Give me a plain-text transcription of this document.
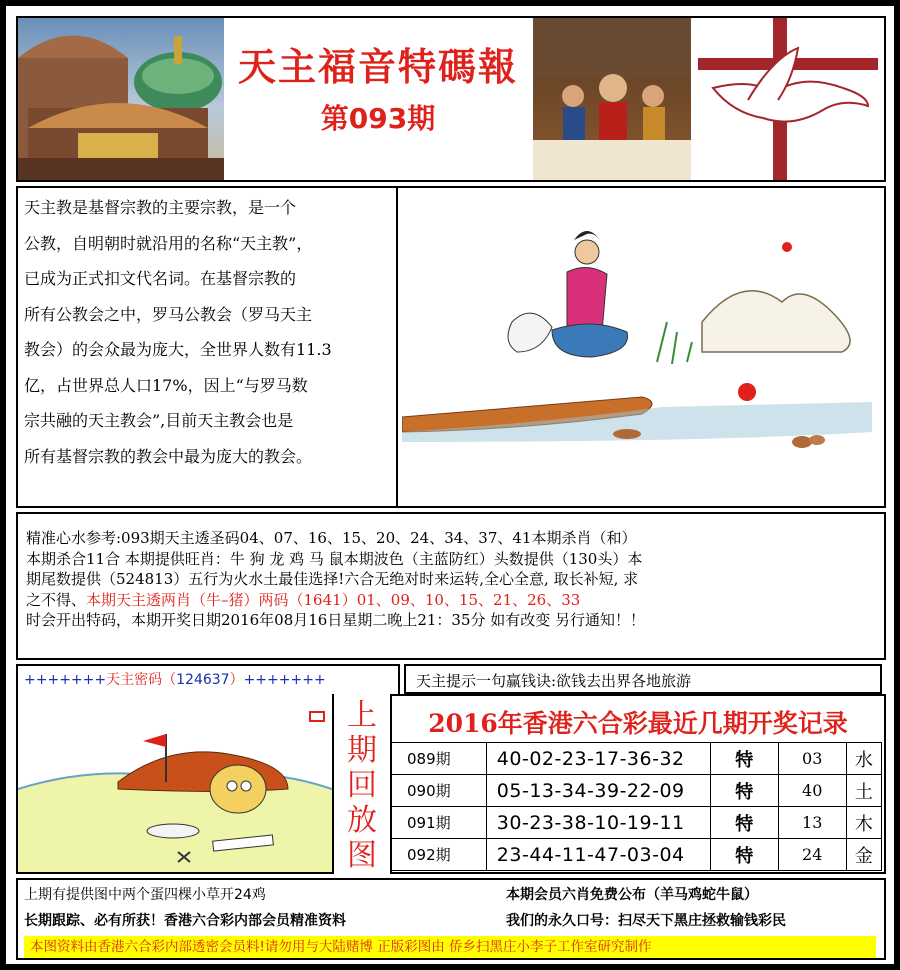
天主福音特碼報
第093期

天主教是基督宗教的主要宗教，是一个

公教，自明朝时就沿用的名称“天主教”，

已成为正式扣文代名词。在基督宗教的

所有公教会之中，罗马公教会（罗马天主

教会）的会众最为庞大，全世界人数有11.3

亿，占世界总人口17%，因上“与罗马数

宗共融的天主教会”,目前天主教会也是

所有基督宗教的教会中最为庞大的教会。

精准心水参考:093期天主透圣码04、07、16、15、20、24、34、37、41本期杀肖（和）

本期杀合11合 本期提供旺肖：牛 狗 龙 鸡 马 鼠本期波色（主蓝防红）头数提供（130头）本

期尾数提供（524813）五行为火水土最佳选择!六合无绝对时来运转,全心全意, 取长补短, 求

之不得、本期天主透两肖（牛–猪）两码（1641）01、09、10、15、21、26、33

时会开出特码，本期开奖日期2016年08月16日星期二晚上21：35分 如有改变 另行通知！！

+++++++天主密码（124637）+++++++	天主提示一句赢钱诀:欲钱去出界各地旅游

上
期
回
放
图
2016年香港六合彩最近几期开奖记录
089期	40-02-23-17-36-32	特	03	水
090期	05-13-34-39-22-09	特	40	土
091期	30-23-38-10-19-11	特	13	木
092期	23-44-11-47-03-04	特	24	金

上期有提供图中两个蛋四棵小草开24鸡	本期会员六肖免费公布（羊马鸡蛇牛鼠）

长期跟踪、必有所获！香港六合彩内部会员精准资料	我们的永久口号：扫尽天下黑庄拯救输钱彩民

本图资料由香港六合彩内部透密会员料!请勿用与大陆赌博 正版彩图由 侨乡扫黑庄小李子工作室研究制作
